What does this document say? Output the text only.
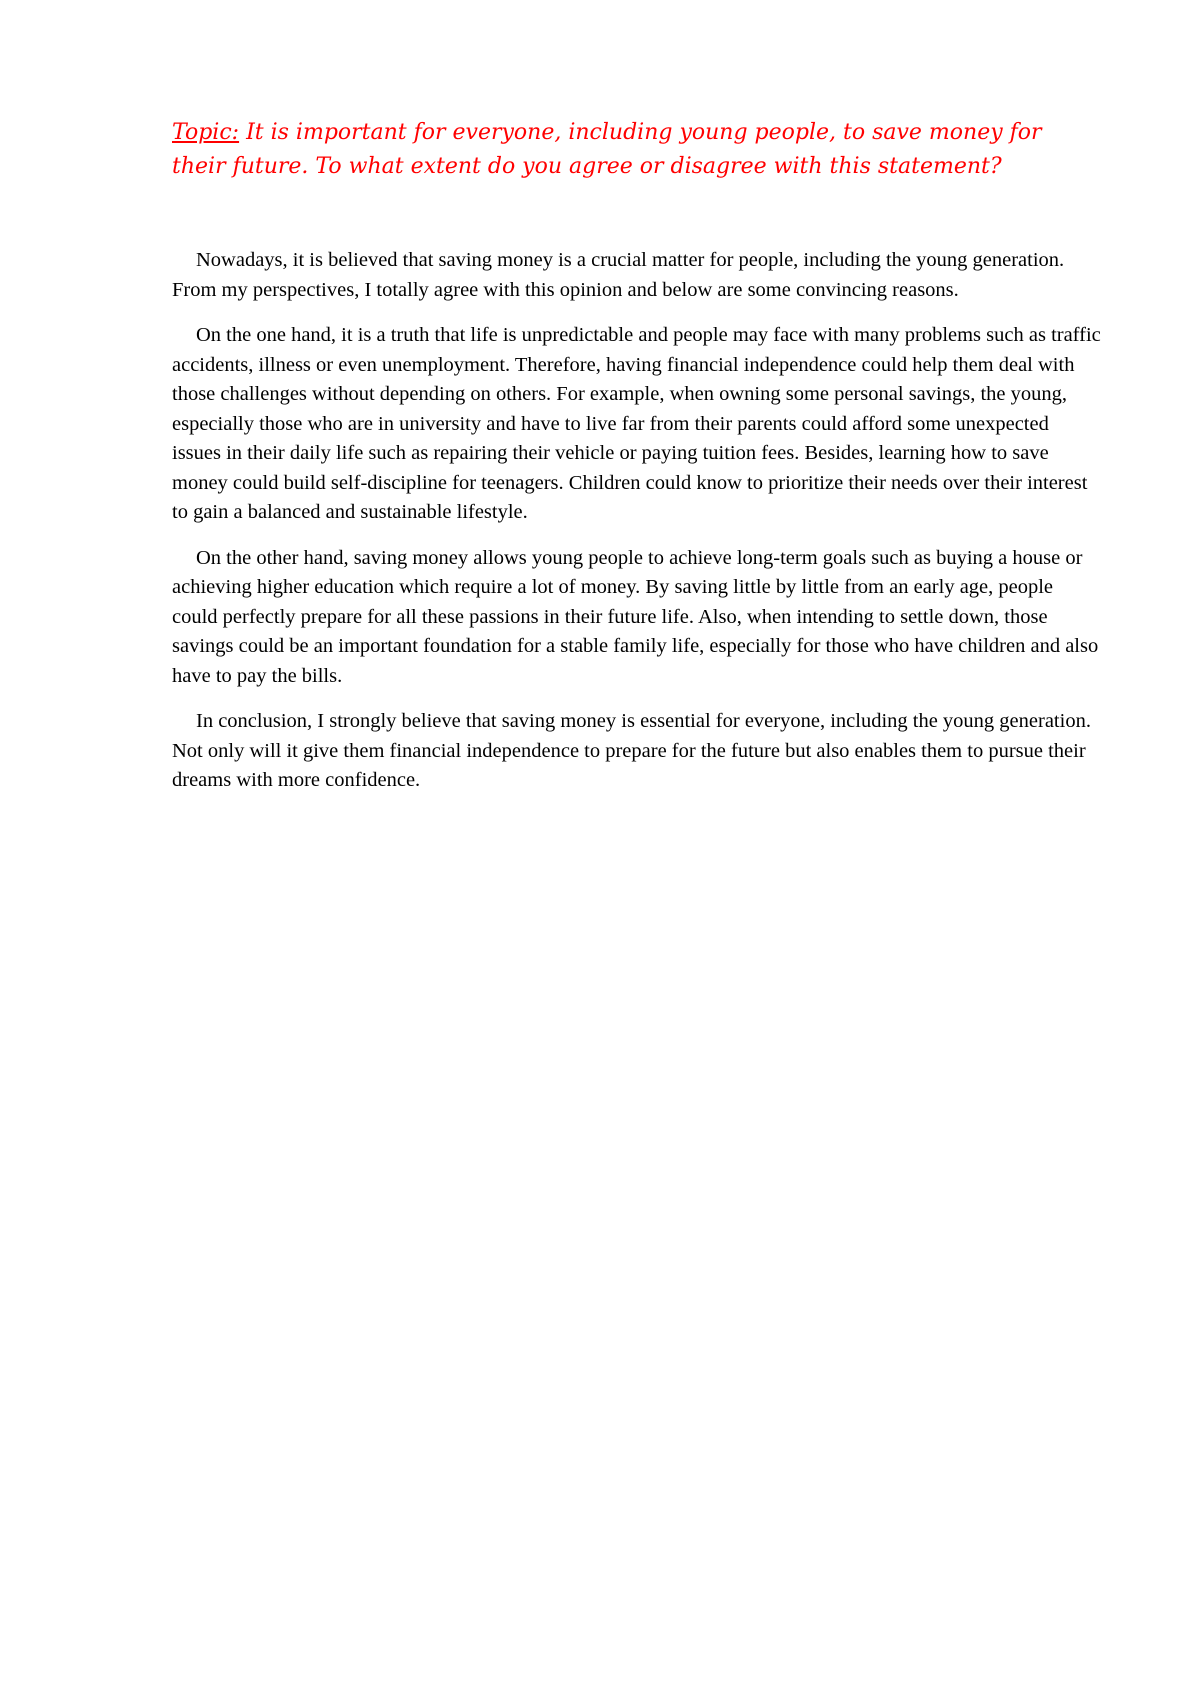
Topic: It is important for everyone, including young people, to save money for their future. To what extent do you agree or disagree with this statement?

Nowadays, it is believed that saving money is a crucial matter for people, including the young generation. From my perspectives, I totally agree with this opinion and below are some convincing reasons.

On the one hand, it is a truth that life is unpredictable and people may face with many problems such as traffic accidents, illness or even unemployment. Therefore, having financial independence could help them deal with those challenges without depending on others. For example, when owning some personal savings, the young, especially those who are in university and have to live far from their parents could afford some unexpected issues in their daily life such as repairing their vehicle or paying tuition fees. Besides, learning how to save money could build self-discipline for teenagers. Children could know to prioritize their needs over their interest to gain a balanced and sustainable lifestyle.

On the other hand, saving money allows young people to achieve long-term goals such as buying a house or achieving higher education which require a lot of money. By saving little by little from an early age, people could perfectly prepare for all these passions in their future life. Also, when intending to settle down, those savings could be an important foundation for a stable family life, especially for those who have children and also have to pay the bills.

In conclusion, I strongly believe that saving money is essential for everyone, including the young generation. Not only will it give them financial independence to prepare for the future but also enables them to pursue their dreams with more confidence.
